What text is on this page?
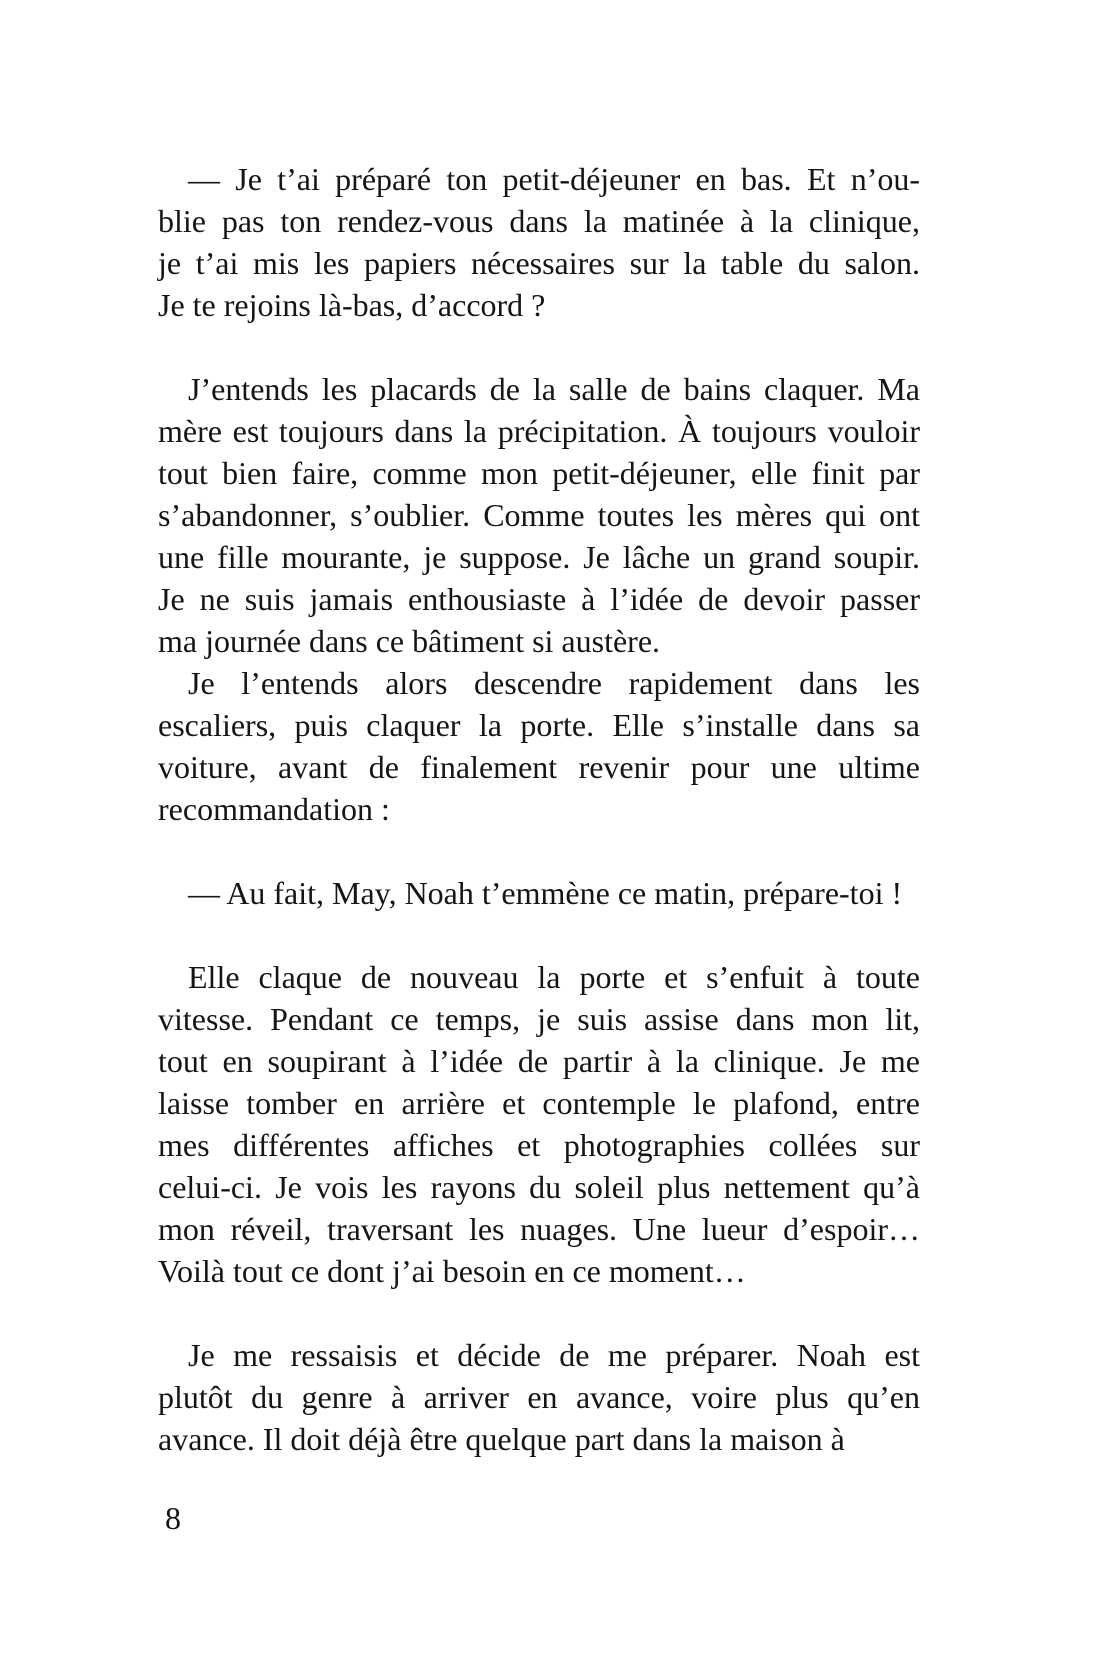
— Je t’ai préparé ton petit-déjeuner en bas. Et n’ou-
blie pas ton rendez-vous dans la matinée à la clinique,
je t’ai mis les papiers nécessaires sur la table du salon.
Je te rejoins là-bas, d’accord ?

J’entends les placards de la salle de bains claquer. Ma
mère est toujours dans la précipitation. À toujours vouloir
tout bien faire, comme mon petit-déjeuner, elle finit par
s’abandonner, s’oublier. Comme toutes les mères qui ont
une fille mourante, je suppose. Je lâche un grand soupir.
Je ne suis jamais enthousiaste à l’idée de devoir passer
ma journée dans ce bâtiment si austère.

Je l’entends alors descendre rapidement dans les
escaliers, puis claquer la porte. Elle s’installe dans sa
voiture, avant de finalement revenir pour une ultime
recommandation :

— Au fait, May, Noah t’emmène ce matin, prépare-toi !

Elle claque de nouveau la porte et s’enfuit à toute
vitesse. Pendant ce temps, je suis assise dans mon lit,
tout en soupirant à l’idée de partir à la clinique. Je me
laisse tomber en arrière et contemple le plafond, entre
mes différentes affiches et photographies collées sur
celui-ci. Je vois les rayons du soleil plus nettement qu’à
mon réveil, traversant les nuages. Une lueur d’espoir…
Voilà tout ce dont j’ai besoin en ce moment…

Je me ressaisis et décide de me préparer. Noah est
plutôt du genre à arriver en avance, voire plus qu’en
avance. Il doit déjà être quelque part dans la maison à

8
